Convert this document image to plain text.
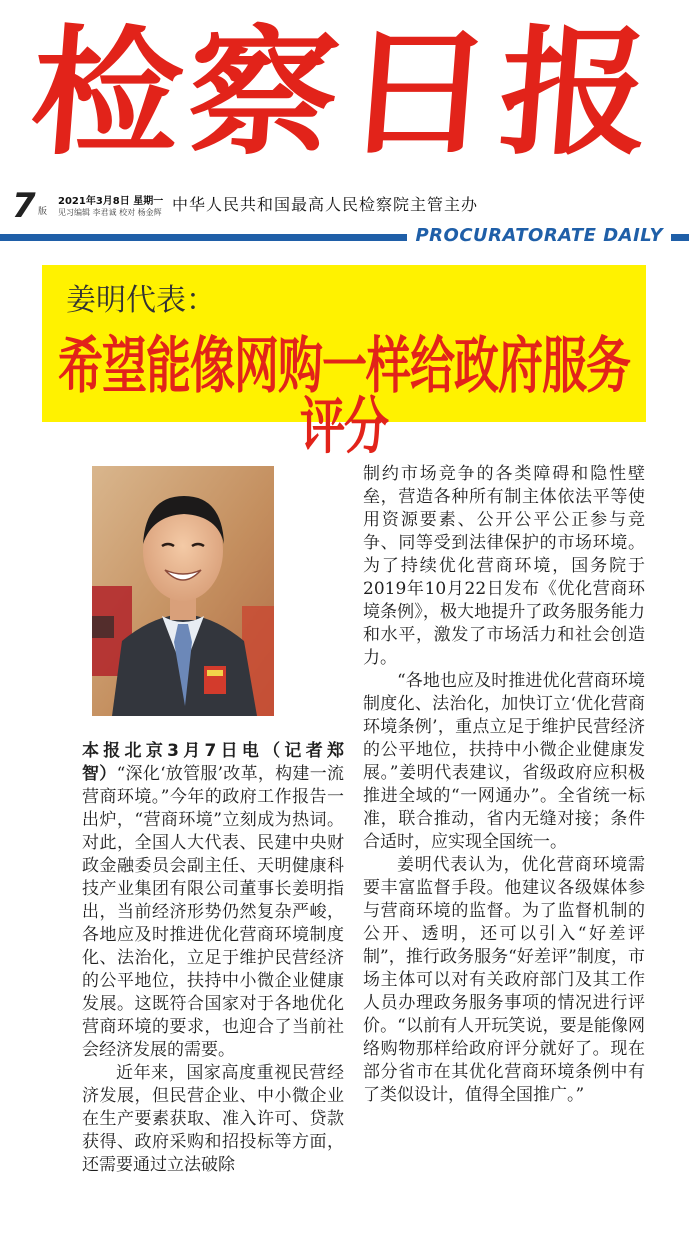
检察日报
7 版
2021年3月8日 星期一
见习编辑 李君诚 校对 杨金辉 中华人民共和国最高人民检察院主管主办
PROCURATORATE DAILY
姜明代表：
希望能像网购一样给政府服务评分

本报北京3月7日电（记者郑智）“深化‘放管服’改革，构建一流营商环境。”今年的政府工作报告一出炉，“营商环境”立刻成为热词。对此，全国人大代表、民建中央财政金融委员会副主任、天明健康科技产业集团有限公司董事长姜明指出，当前经济形势仍然复杂严峻，各地应及时推进优化营商环境制度化、法治化，立足于维护民营经济的公平地位，扶持中小微企业健康发展。这既符合国家对于各地优化营商环境的要求，也迎合了当前社会经济发展的需要。

近年来，国家高度重视民营经济发展，但民营企业、中小微企业在生产要素获取、准入许可、贷款获得、政府采购和招投标等方面，还需要通过立法破除

制约市场竞争的各类障碍和隐性壁垒，营造各种所有制主体依法平等使用资源要素、公开公平公正参与竞争、同等受到法律保护的市场环境。为了持续优化营商环境，国务院于2019年10月22日发布《优化营商环境条例》，极大地提升了政务服务能力和水平，激发了市场活力和社会创造力。

“各地也应及时推进优化营商环境制度化、法治化，加快订立‘优化营商环境条例’，重点立足于维护民营经济的公平地位，扶持中小微企业健康发展。”姜明代表建议，省级政府应积极推进全域的“一网通办”。全省统一标准，联合推动，省内无缝对接；条件合适时，应实现全国统一。

姜明代表认为，优化营商环境需要丰富监督手段。他建议各级媒体参与营商环境的监督。为了监督机制的公开、透明，还可以引入“好差评制”，推行政务服务“好差评”制度，市场主体可以对有关政府部门及其工作人员办理政务服务事项的情况进行评价。“以前有人开玩笑说，要是能像网络购物那样给政府评分就好了。现在部分省市在其优化营商环境条例中有了类似设计，值得全国推广。”
